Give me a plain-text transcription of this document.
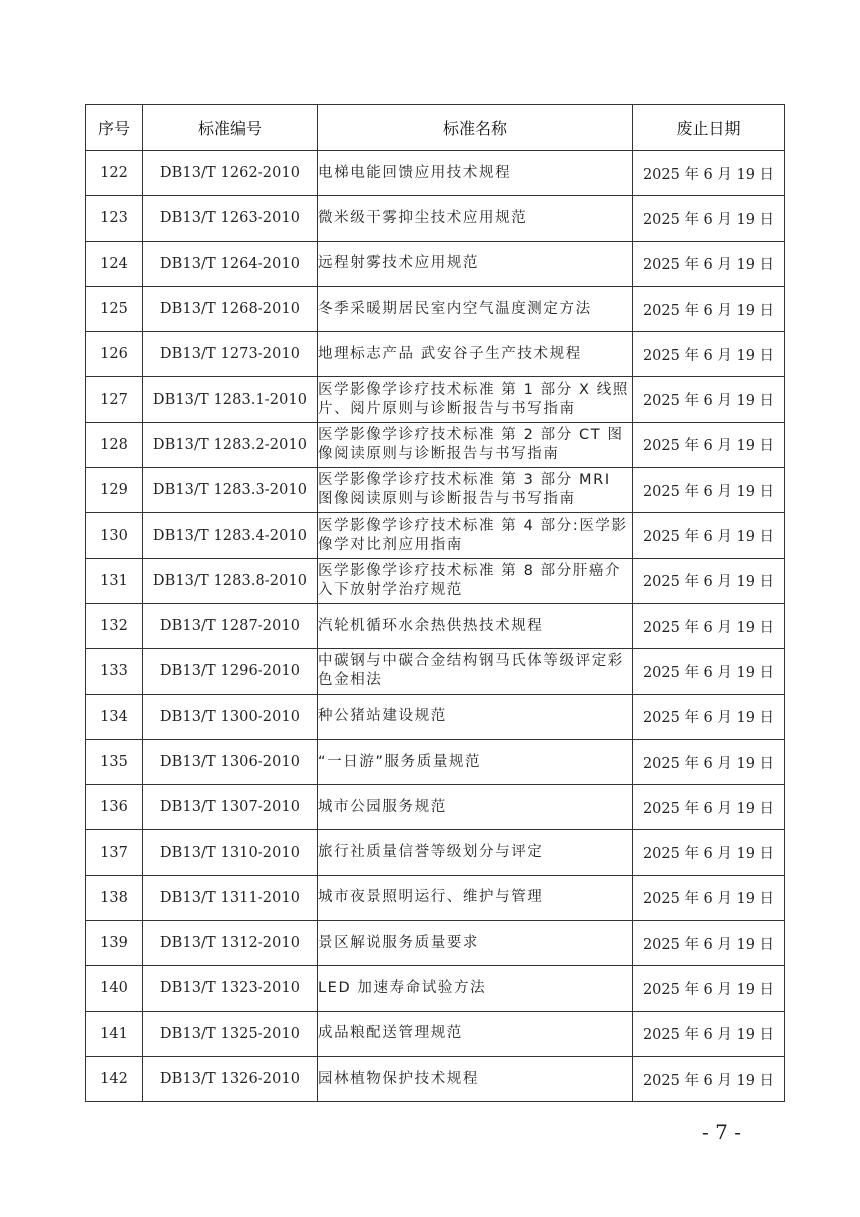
序号	标准编号	标准名称	废止日期
122	DB13/T 1262-2010	电梯电能回馈应用技术规程	2025 年 6 月 19 日
123	DB13/T 1263-2010	微米级干雾抑尘技术应用规范	2025 年 6 月 19 日
124	DB13/T 1264-2010	远程射雾技术应用规范	2025 年 6 月 19 日
125	DB13/T 1268-2010	冬季采暖期居民室内空气温度测定方法	2025 年 6 月 19 日
126	DB13/T 1273-2010	地理标志产品 武安谷子生产技术规程	2025 年 6 月 19 日
127	DB13/T 1283.1-2010	医学影像学诊疗技术标准 第 1 部分 X 线照片、阅片原则与诊断报告与书写指南	2025 年 6 月 19 日
128	DB13/T 1283.2-2010	医学影像学诊疗技术标准 第 2 部分 CT 图像阅读原则与诊断报告与书写指南	2025 年 6 月 19 日
129	DB13/T 1283.3-2010	医学影像学诊疗技术标准 第 3 部分 MRI 图像阅读原则与诊断报告与书写指南	2025 年 6 月 19 日
130	DB13/T 1283.4-2010	医学影像学诊疗技术标准 第 4 部分:医学影像学对比剂应用指南	2025 年 6 月 19 日
131	DB13/T 1283.8-2010	医学影像学诊疗技术标准 第 8 部分肝癌介入下放射学治疗规范	2025 年 6 月 19 日
132	DB13/T 1287-2010	汽轮机循环水余热供热技术规程	2025 年 6 月 19 日
133	DB13/T 1296-2010	中碳钢与中碳合金结构钢马氏体等级评定彩色金相法	2025 年 6 月 19 日
134	DB13/T 1300-2010	种公猪站建设规范	2025 年 6 月 19 日
135	DB13/T 1306-2010	“一日游”服务质量规范	2025 年 6 月 19 日
136	DB13/T 1307-2010	城市公园服务规范	2025 年 6 月 19 日
137	DB13/T 1310-2010	旅行社质量信誉等级划分与评定	2025 年 6 月 19 日
138	DB13/T 1311-2010	城市夜景照明运行、维护与管理	2025 年 6 月 19 日
139	DB13/T 1312-2010	景区解说服务质量要求	2025 年 6 月 19 日
140	DB13/T 1323-2010	LED 加速寿命试验方法	2025 年 6 月 19 日
141	DB13/T 1325-2010	成品粮配送管理规范	2025 年 6 月 19 日
142	DB13/T 1326-2010	园林植物保护技术规程	2025 年 6 月 19 日
- 7 -
